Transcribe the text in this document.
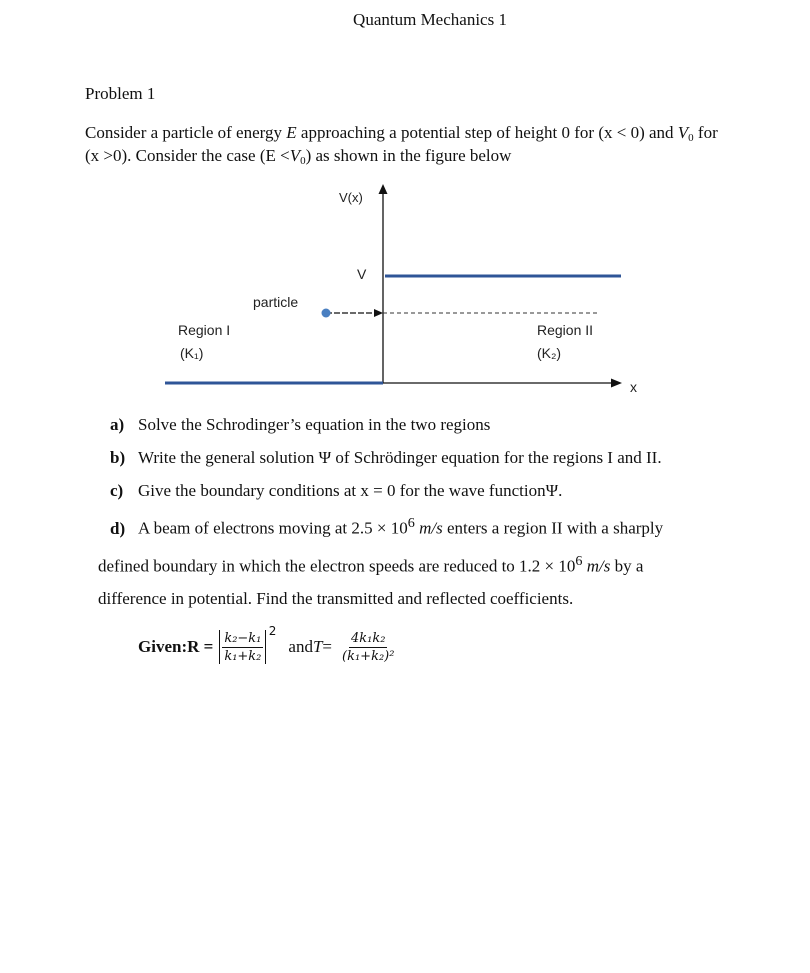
Quantum Mechanics 1
Problem 1
Consider a particle of energy E approaching a potential step of height 0 for (x < 0) and $V_0$ for
(x >0). Consider the case $(E <V_0)$ as shown in the figure below
V(x)
x
V
particle
Region I
(K₁)
Region II
(K₂)
a) Solve the Schrodinger’s equation in the two regions
b) Write the general solution Ψ of Schrödinger equation for the regions I and II.
c) Give the boundary conditions at x = 0 for the wave functionΨ.
d) A beam of electrons moving at $2.5 \times 10^6$ m/s enters a region II with a sharply
defined boundary in which the electron speeds are reduced to $1.2 \times 10^6$ m/s by a
difference in potential. Find the transmitted and reflected coefficients.
Given: $R = \frac{\text{k₂−k₁}}{\text{k₁+k₂}} 2$
and $T = \frac{\text{4k₁k₂}}{\text{(k₁+k₂)²}}$
